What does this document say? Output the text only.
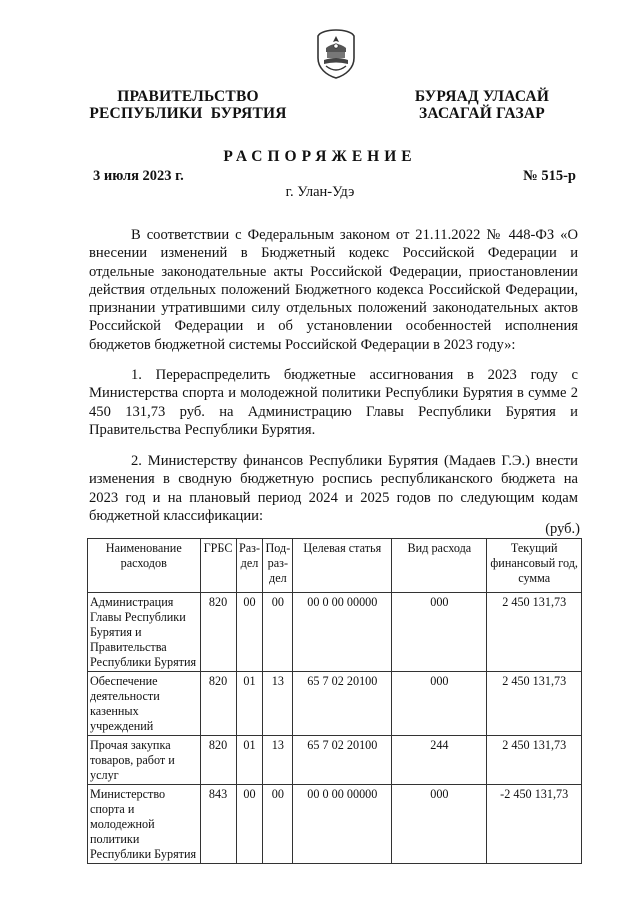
ПРАВИТЕЛЬСТВО
РЕСПУБЛИКИ  БУРЯТИЯ
БУРЯАД УЛАСАЙ
ЗАСАГАЙ ГАЗАР
РАСПОРЯЖЕНИЕ
3 июля 2023 г.	№ 515-р
г. Улан-Удэ

В соответствии с Федеральным законом от 21.11.2022 № 448-ФЗ «О внесении изменений в Бюджетный кодекс Российской Федерации и отдельные законодательные акты Российской Федерации, приостановлении действия отдельных положений Бюджетного кодекса Российской Федерации, признании утратившими силу отдельных положений законодательных актов Российской Федерации и об установлении особенностей исполнения бюджетов бюджетной системы Российской Федерации в 2023 году»:

1. Перераспределить бюджетные ассигнования в 2023 году с Министерства спорта и молодежной политики Республики Бурятия в сумме 2 450 131,73 руб. на Администрацию Главы Республики Бурятия и Правительства Республики Бурятия.

2. Министерству финансов Республики Бурятия (Мадаев Г.Э.) внести изменения в сводную бюджетную роспись республиканского бюджета на 2023 год и на плановый период 2024 и 2025 годов по следующим кодам бюджетной классификации:

(руб.)
Наименование расходов	ГРБС	Раз-дел	Под-раз-дел	Целевая статья	Вид расхода	Текущий финансовый год, сумма
Администрация Главы Республики Бурятия и Правительства Республики Бурятия	820	00	00	00 0 00 00000	000	2 450 131,73
Обеспечение деятельности казенных учреждений	820	01	13	65 7 02 20100	000	2 450 131,73
Прочая закупка товаров, работ и услуг	820	01	13	65 7 02 20100	244	2 450 131,73
Министерство спорта и молодежной политики Республики Бурятия	843	00	00	00 0 00 00000	000	-2 450 131,73
